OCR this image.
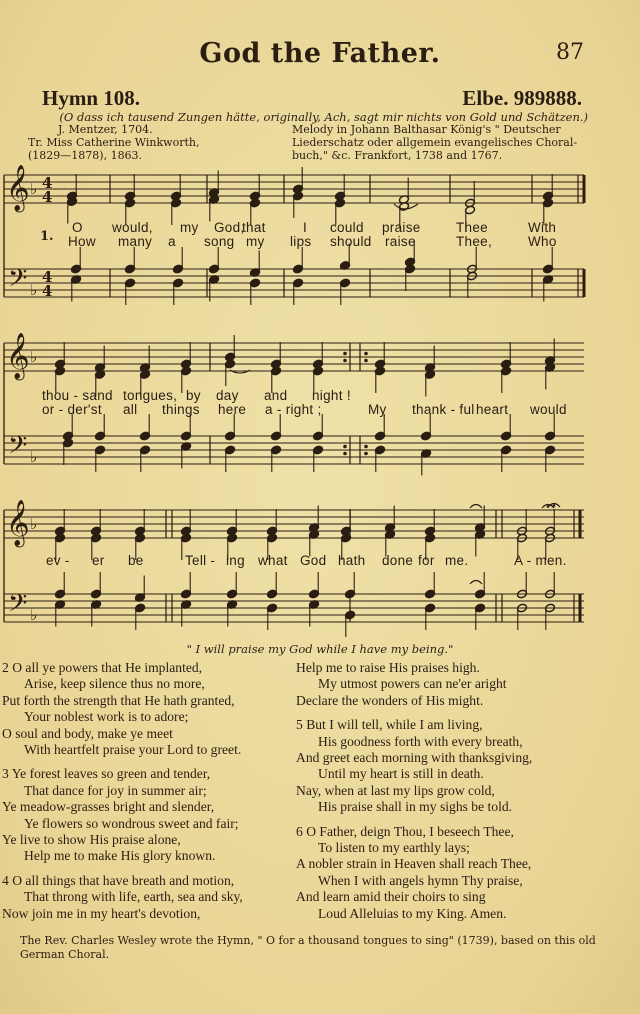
God the Father.	87
Hymn 108.	Elbe. 989888.
(O dass ich tausend Zungen hätte, originally, Ach, sagt mir nichts von Gold und Schätzen.)
J. Mentzer, 1704.
Tr. Miss Catherine Winkworth,
(1829—1878), 1863.
Melody in Johann Balthasar König's " Deutscher
Liederschatz oder allgemein evangelisches Choral-
buch," &c. Frankfort, 1738 and 1767.
𝄞
𝄢
♭
♭
4
4
4
4
𝄞
𝄢
♭
♭
𝄞
𝄢
♭
♭
1.
O would, my God,
that	I could praise	Thee	With
How many a song my lips should raise	Thee,	Who
thou - sand tongues, by day and night !
or - der'st all things here a - right ;	My thank - ful heart would
ev - er be	Tell - ing what God hath done for me.	A - men.
" I will praise my God while I have my being."
2 O all ye powers that He implanted,
Arise, keep silence thus no more,
Put forth the strength that He hath granted,
Your noblest work is to adore;
O soul and body, make ye meet
With heartfelt praise your Lord to greet.
3 Ye forest leaves so green and tender,
That dance for joy in summer air;
Ye meadow-grasses bright and slender,
Ye flowers so wondrous sweet and fair;
Ye live to show His praise alone,
Help me to make His glory known.
4 O all things that have breath and motion,
That throng with life, earth, sea and sky,
Now join me in my heart's devotion,
Help me to raise His praises high.
My utmost powers can ne'er aright
Declare the wonders of His might.
5 But I will tell, while I am living,
His goodness forth with every breath,
And greet each morning with thanksgiving,
Until my heart is still in death.
Nay, when at last my lips grow cold,
His praise shall in my sighs be told.
6 O Father, deign Thou, I beseech Thee,
To listen to my earthly lays;
A nobler strain in Heaven shall reach Thee,
When I with angels hymn Thy praise,
And learn amid their choirs to sing
Loud Alleluias to my King. Amen.
The Rev. Charles Wesley wrote the Hymn, " O for a thousand tongues to sing" (1739), based on this old German Choral.
